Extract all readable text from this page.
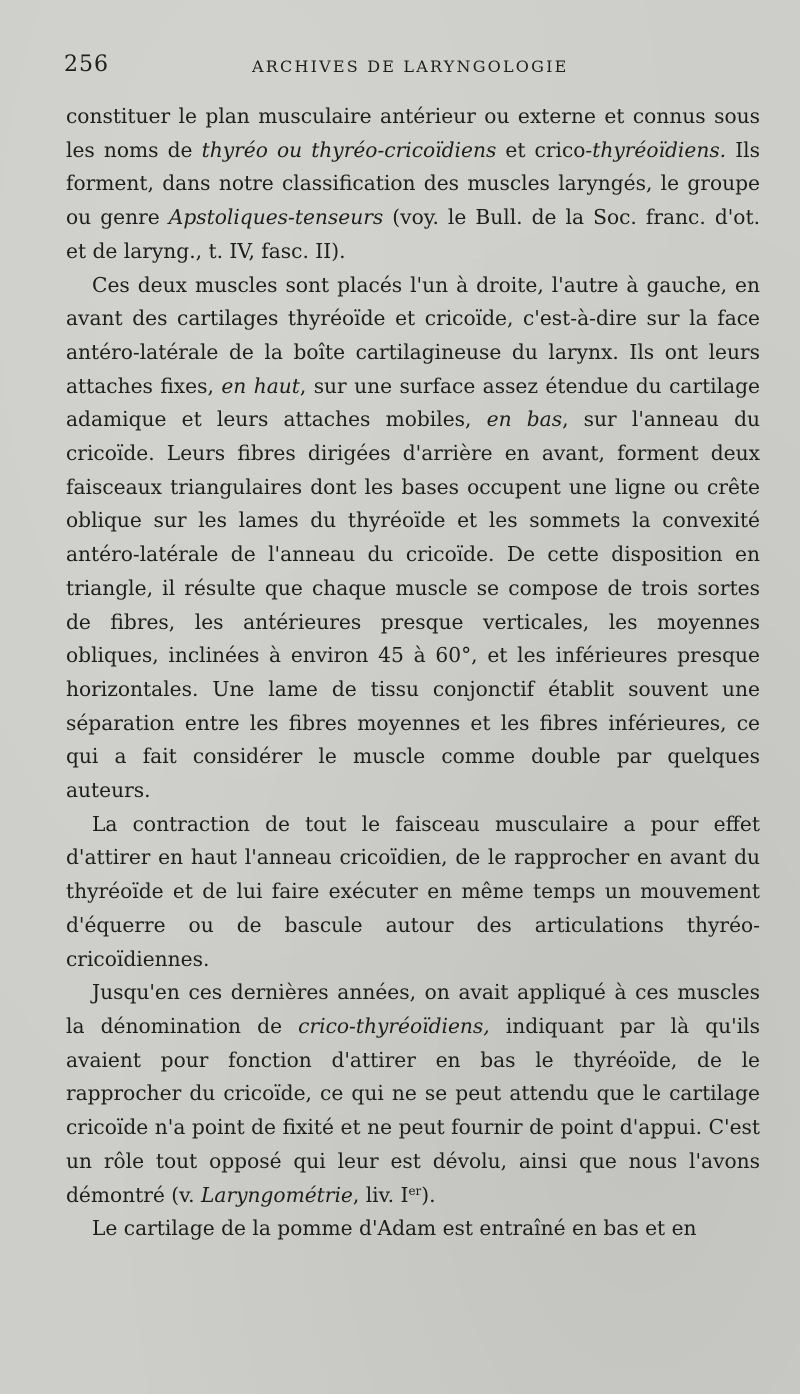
256	ARCHIVES DE LARYNGOLOGIE

constituer le plan musculaire antérieur ou externe et connus sous les noms de thyréo ou thyréo-cricoïdiens et crico-thyréoïdiens. Ils forment, dans notre classification des muscles laryngés, le groupe ou genre Apstoliques-tenseurs (voy. le Bull. de la Soc. franc. d'ot. et de laryng., t. IV, fasc. II).

Ces deux muscles sont placés l'un à droite, l'autre à gauche, en avant des cartilages thyréoïde et cricoïde, c'est-à-dire sur la face antéro-latérale de la boîte cartilagineuse du larynx. Ils ont leurs attaches fixes, en haut, sur une surface assez étendue du cartilage adamique et leurs attaches mobiles, en bas, sur l'anneau du cricoïde. Leurs fibres dirigées d'arrière en avant, forment deux faisceaux triangulaires dont les bases occupent une ligne ou crête oblique sur les lames du thyréoïde et les sommets la convexité antéro-latérale de l'anneau du cricoïde. De cette disposition en triangle, il résulte que chaque muscle se compose de trois sortes de fibres, les antérieures presque verticales, les moyennes obliques, inclinées à environ 45 à 60°, et les inférieures presque horizontales. Une lame de tissu conjonctif établit souvent une séparation entre les fibres moyennes et les fibres inférieures, ce qui a fait considérer le muscle comme double par quelques auteurs.

La contraction de tout le faisceau musculaire a pour effet d'attirer en haut l'anneau cricoïdien, de le rapprocher en avant du thyréoïde et de lui faire exécuter en même temps un mouvement d'équerre ou de bascule autour des articulations thyréo-cricoïdiennes.

Jusqu'en ces dernières années, on avait appliqué à ces muscles la dénomination de crico-thyréoïdiens, indiquant par là qu'ils avaient pour fonction d'attirer en bas le thyréoïde, de le rapprocher du cricoïde, ce qui ne se peut attendu que le cartilage cricoïde n'a point de fixité et ne peut fournir de point d'appui. C'est un rôle tout opposé qui leur est dévolu, ainsi que nous l'avons démontré (v. Laryngométrie, liv. Ier).

Le cartilage de la pomme d'Adam est entraîné en bas et en
